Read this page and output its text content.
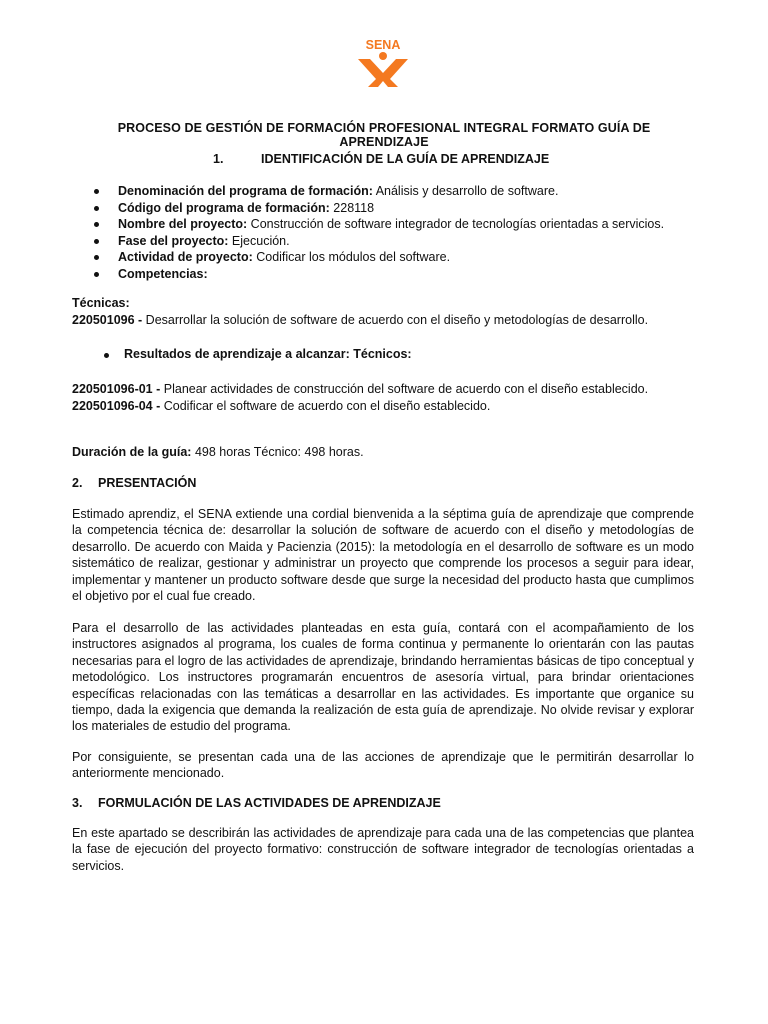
SENA
PROCESO DE GESTIÓN DE FORMACIÓN PROFESIONAL INTEGRAL FORMATO GUÍA DE APRENDIZAJE
1.	IDENTIFICACIÓN DE LA GUÍA DE APRENDIZAJE
Denominación del programa de formación: Análisis y desarrollo de software.
Código del programa de formación: 228118
Nombre del proyecto: Construcción de software integrador de tecnologías orientadas a servicios.
Fase del proyecto: Ejecución.
Actividad de proyecto: Codificar los módulos del software.
Competencias:
Técnicas:
220501096 - Desarrollar la solución de software de acuerdo con el diseño y metodologías de desarrollo.
Resultados de aprendizaje a alcanzar: Técnicos:
220501096-01 - Planear actividades de construcción del software de acuerdo con el diseño establecido.
220501096-04 - Codificar el software de acuerdo con el diseño establecido.
Duración de la guía: 498 horas Técnico: 498 horas.
2. PRESENTACIÓN
Estimado aprendiz, el SENA extiende una cordial bienvenida a la séptima guía de aprendizaje que comprende la competencia técnica de: desarrollar la solución de software de acuerdo con el diseño y metodologías de desarrollo. De acuerdo con Maida y Pacienzia (2015): la metodología en el desarrollo de software es un modo sistemático de realizar, gestionar y administrar un proyecto que comprende los procesos a seguir para idear, implementar y mantener un producto software desde que surge la necesidad del producto hasta que cumplimos el objetivo por el cual fue creado.
Para el desarrollo de las actividades planteadas en esta guía, contará con el acompañamiento de los instructores asignados al programa, los cuales de forma continua y permanente lo orientarán con las pautas necesarias para el logro de las actividades de aprendizaje, brindando herramientas básicas de tipo conceptual y metodológico. Los instructores programarán encuentros de asesoría virtual, para brindar orientaciones específicas relacionadas con las temáticas a desarrollar en las actividades. Es importante que organice su tiempo, dada la exigencia que demanda la realización de esta guía de aprendizaje. No olvide revisar y explorar los materiales de estudio del programa.
Por consiguiente, se presentan cada una de las acciones de aprendizaje que le permitirán desarrollar lo anteriormente mencionado.
3. FORMULACIÓN DE LAS ACTIVIDADES DE APRENDIZAJE
En este apartado se describirán las actividades de aprendizaje para cada una de las competencias que plantea la fase de ejecución del proyecto formativo: construcción de software integrador de tecnologías orientadas a servicios.
